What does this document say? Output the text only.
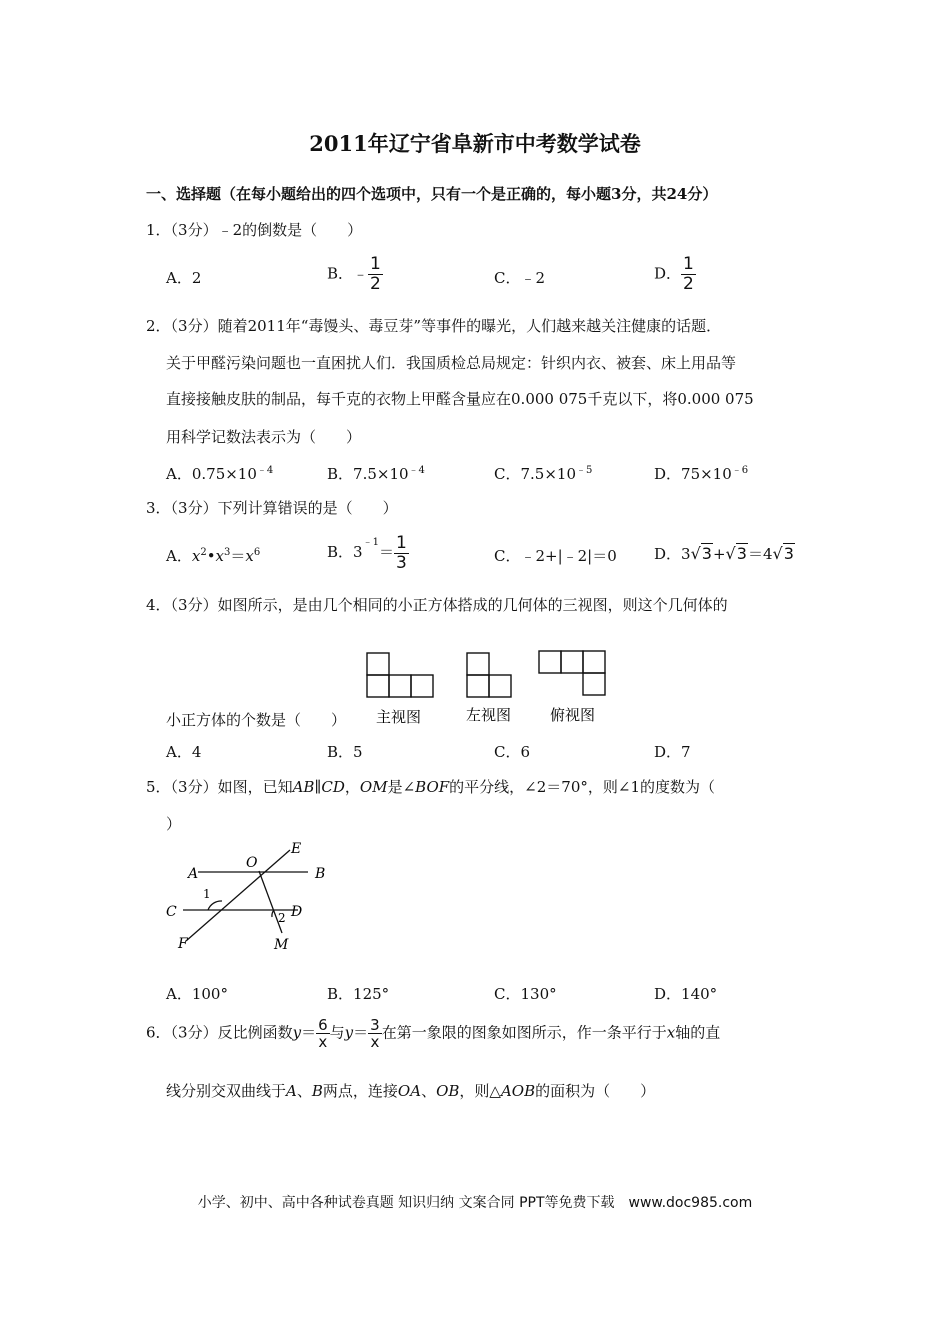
2011年辽宁省阜新市中考数学试卷
一、选择题（在每小题给出的四个选项中，只有一个是正确的，每小题3分，共24分）
1．（3分）﹣2的倒数是（　　）
A．2	B．﹣ $\frac{1}{2}$	C．﹣2	D． $\frac{1}{2}$
2．（3分）随着2011年“毒馒头、毒豆芽”等事件的曝光，人们越来越关注健康的话题．
关于甲醛污染问题也一直困扰人们．我国质检总局规定：针织内衣、被套、床上用品等
直接接触皮肤的制品，每千克的衣物上甲醛含量应在0.000 075千克以下，将0.000 075
用科学记数法表示为（　　）
A．$0.75\times 10^{﹣4}$	B．$7.5\times 10^{﹣4}$	C．$7.5\times 10^{﹣5}$	D．$75\times 10^{﹣6}$
3．（3分）下列计算错误的是（　　）
A．$x^2•x^3=x^6$	B．$3^{﹣1}= \frac{1}{3}$	C．﹣2+|﹣2|＝0 D．3√3+√3＝4√3
4．（3分）如图所示，是由几个相同的小正方体搭成的几何体的三视图，则这个几何体的
小正方体的个数是（　　） 主视图	左视图	俯视图
A．4	B．5	C．6	D．7
5．（3分）如图，已知AB∥CD，OM是∠BOF的平分线，∠2＝70°，则∠1的度数为（
）
O
E
A	B
C	D
F	M
1
2
A．100°	B．125°	C．130°	D．140°
6．（3分）反比例函数$y= \frac{6}{x}$ 与$y= \frac{3}{x}$ 在第一象限的图象如图所示，作一条平行于x轴的直
线分别交双曲线于A、B两点，连接OA、OB，则△AOB的面积为（　　）
小学、初中、高中各种试卷真题 知识归纳 文案合同 PPT等免费下载　www.doc985.com
